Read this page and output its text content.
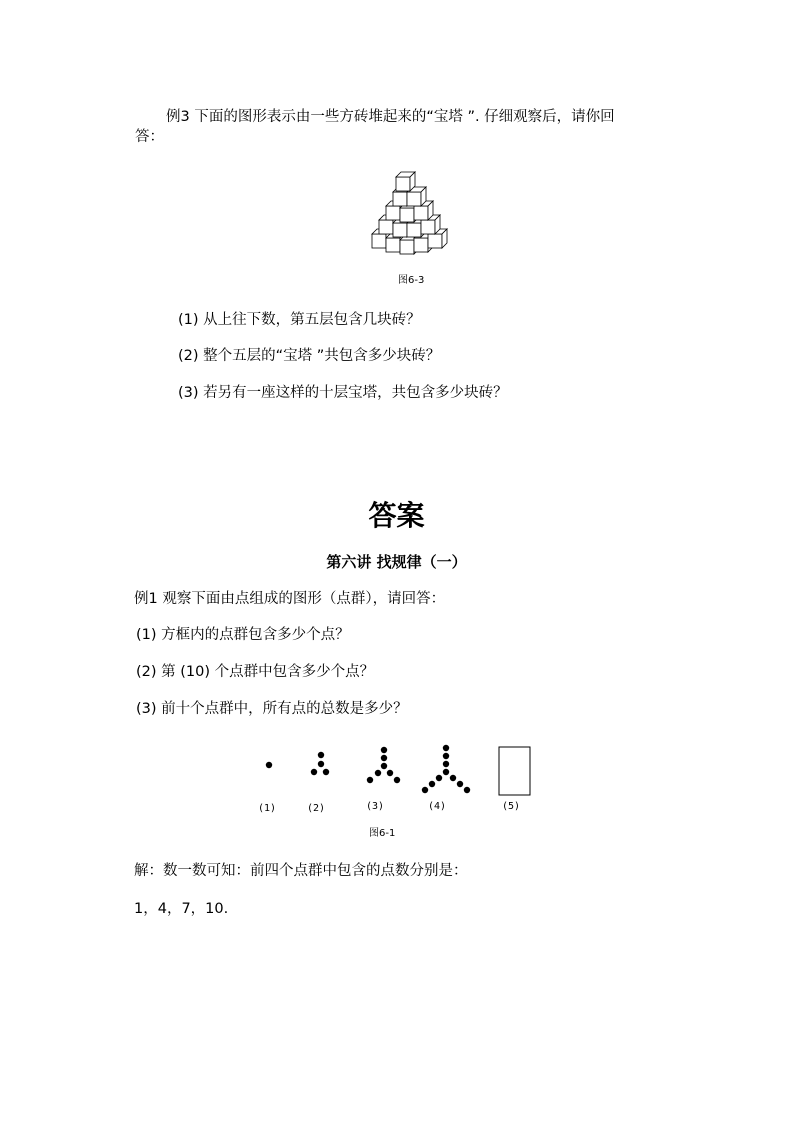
例3 下面的图形表示由一些方砖堆起来的“宝塔 ”. 仔细观察后，请你回
答：
图6-3
(1) 从上往下数，第五层包含几块砖？
(2) 整个五层的“宝塔 ”共包含多少块砖？
(3) 若另有一座这样的十层宝塔，共包含多少块砖？
答案
第六讲 找规律（一）
例1 观察下面由点组成的图形（点群），请回答：
(1) 方框内的点群包含多少个点？
(2) 第 (10) 个点群中包含多少个点？
(3) 前十个点群中，所有点的总数是多少？
(1)	(2)	(3)	(4)	(5)
图6-1
解：数一数可知：前四个点群中包含的点数分别是：
1，4，7，10.
